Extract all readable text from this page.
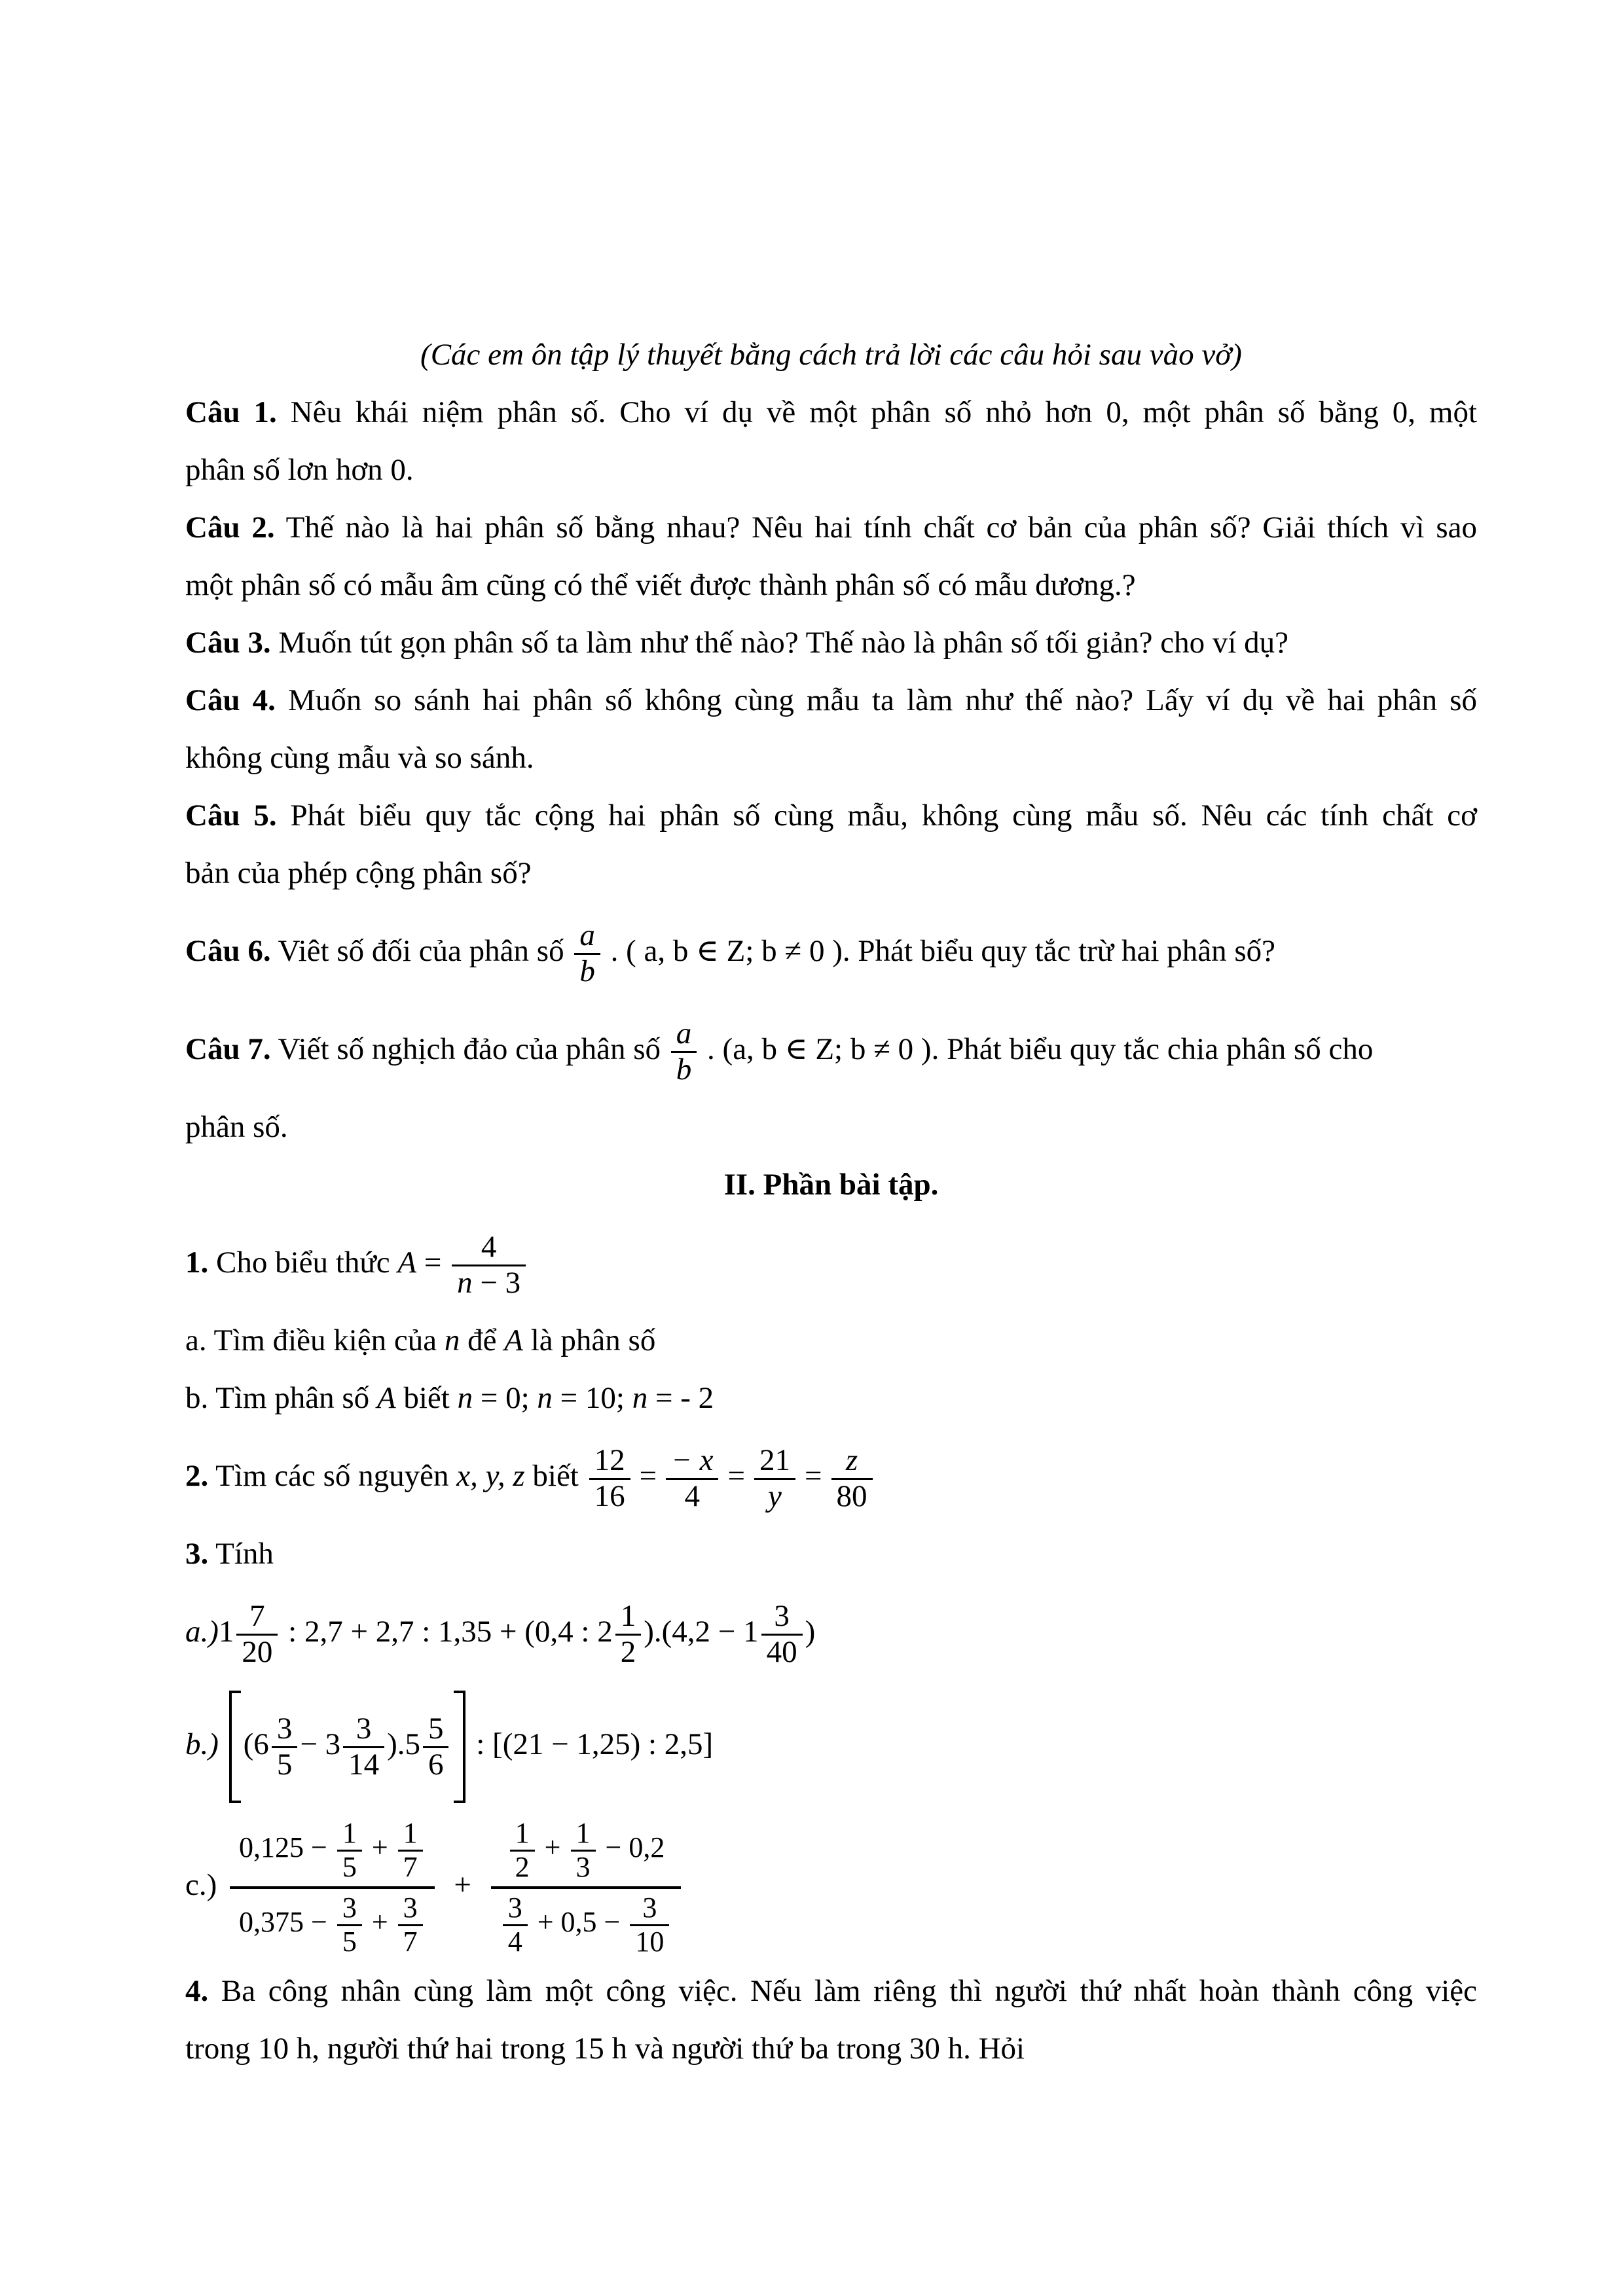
(Các em ôn tập lý thuyết bằng cách trả lời các câu hỏi sau vào vở)
Câu 1. Nêu khái niệm phân số. Cho ví dụ về một phân số nhỏ hơn 0, một phân số bằng 0, một
phân số lơn hơn 0.
Câu 2. Thế nào là hai phân số bằng nhau? Nêu hai tính chất cơ bản của phân số? Giải thích vì sao
một phân số có mẫu âm cũng có thể viết được thành phân số có mẫu dương.?
Câu 3. Muốn tút gọn phân số ta làm như thế nào? Thế nào là phân số tối giản? cho ví dụ?
Câu 4. Muốn so sánh hai phân số không cùng mẫu ta làm như thế nào? Lấy ví dụ về hai phân số
không cùng mẫu và so sánh.
Câu 5. Phát biểu quy tắc cộng hai phân số cùng mẫu, không cùng mẫu số. Nêu các tính chất cơ
bản của phép cộng phân số?
Câu 6. Viêt số đối của phân số $\frac{a}{b}$ . ( a, b ∈ Z; b ≠ 0 ). Phát biểu quy tắc trừ hai phân số?
Câu 7. Viết số nghịch đảo của phân số $\frac{a}{b}$ . (a, b ∈ Z; b ≠ 0 ). Phát biểu quy tắc chia phân số cho
phân số.
II. Phần bài tập.
1. Cho biểu thức $A = \frac{4}{n - 3}$
a. Tìm điều kiện của n để A là phân số
b. Tìm phân số A biết n = 0; n = 10; n = - 2
2. Tìm các số nguyên x, y, z biết $\frac{12}{16} = \frac{- x}{4} = \frac{21}{y} = \frac{z}{80}$
3. Tính
$a.)1 \frac{7}{20}$ : 2,7 + 2,7 : 1,35 + (0,4 : $2 \frac{1}{2} ).(4,2 - 1 \frac{3}{40}$ )
b.) $(6 \frac{3}{5} - 3 \frac{3}{14} ).5 \frac{5}{6}$ : [(21 − 1,25) : 2,5]
$c.) \frac{0,125 - \frac{1}{5} + \frac{1}{7}}{0,375 - \frac{3}{5} + \frac{3}{7}} + \frac{\frac{1}{2} + \frac{1}{3} - 0,2}{\frac{3}{4} + 0,5 - \frac{3}{10}}$
4. Ba công nhân cùng làm một công việc. Nếu làm riêng thì người thứ nhất hoàn thành công việc
trong 10 h, người thứ hai trong 15 h và người thứ ba trong 30 h. Hỏi
